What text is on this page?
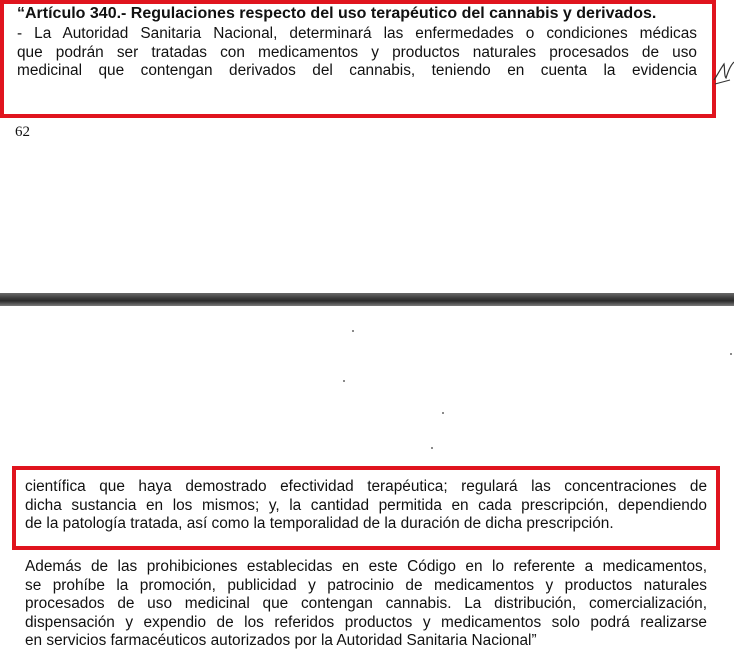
“Artículo 340.- Regulaciones respecto del uso terapéutico del cannabis y derivados.
- La Autoridad Sanitaria Nacional, determinará las enfermedades o condiciones médicas
que podrán ser tratadas con medicamentos y productos naturales procesados de uso
medicinal que contengan derivados del cannabis, teniendo en cuenta la evidencia
62
científica que haya demostrado efectividad terapéutica; regulará las concentraciones de
dicha sustancia en los mismos; y, la cantidad permitida en cada prescripción, dependiendo
de la patología tratada, así como la temporalidad de la duración de dicha prescripción.
Además de las prohibiciones establecidas en este Código en lo referente a medicamentos,
se prohíbe la promoción, publicidad y patrocinio de medicamentos y productos naturales
procesados de uso medicinal que contengan cannabis. La distribución, comercialización,
dispensación y expendio de los referidos productos y medicamentos solo podrá realizarse
en servicios farmacéuticos autorizados por la Autoridad Sanitaria Nacional”
